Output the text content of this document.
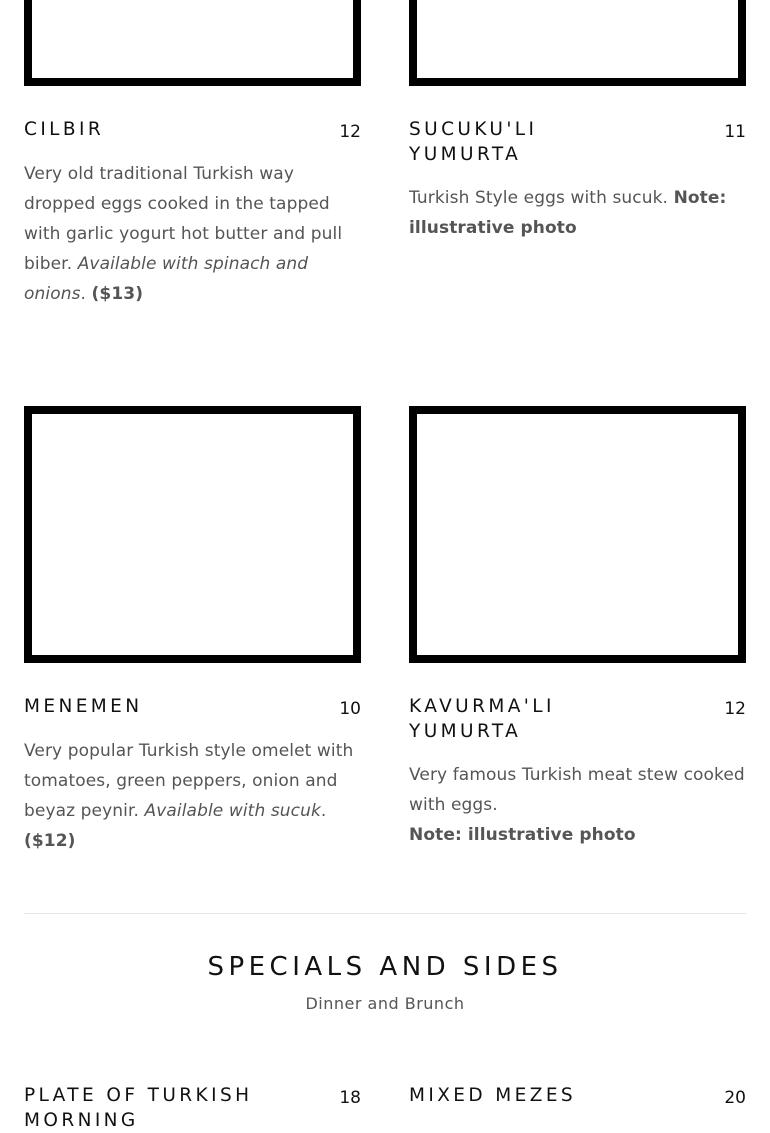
CILBIR	12
Very old traditional Turkish way dropped eggs cooked in the tapped with garlic yogurt hot butter and pull biber. Available with spinach and onions. ($13)
SUCUKU'LI YUMURTA
11
Turkish Style eggs with sucuk. Note: illustrative photo
MENEMEN	10
Very popular Turkish style omelet with tomatoes, green peppers, onion and beyaz peynir. Available with sucuk. ($12)
KAVURMA'LI YUMURTA
12
Very famous Turkish meat stew cooked with eggs.
Note: illustrative photo
SPECIALS AND SIDES
Dinner and Brunch
PLATE OF TURKISH MORNING
18	MIXED MEZES	20
